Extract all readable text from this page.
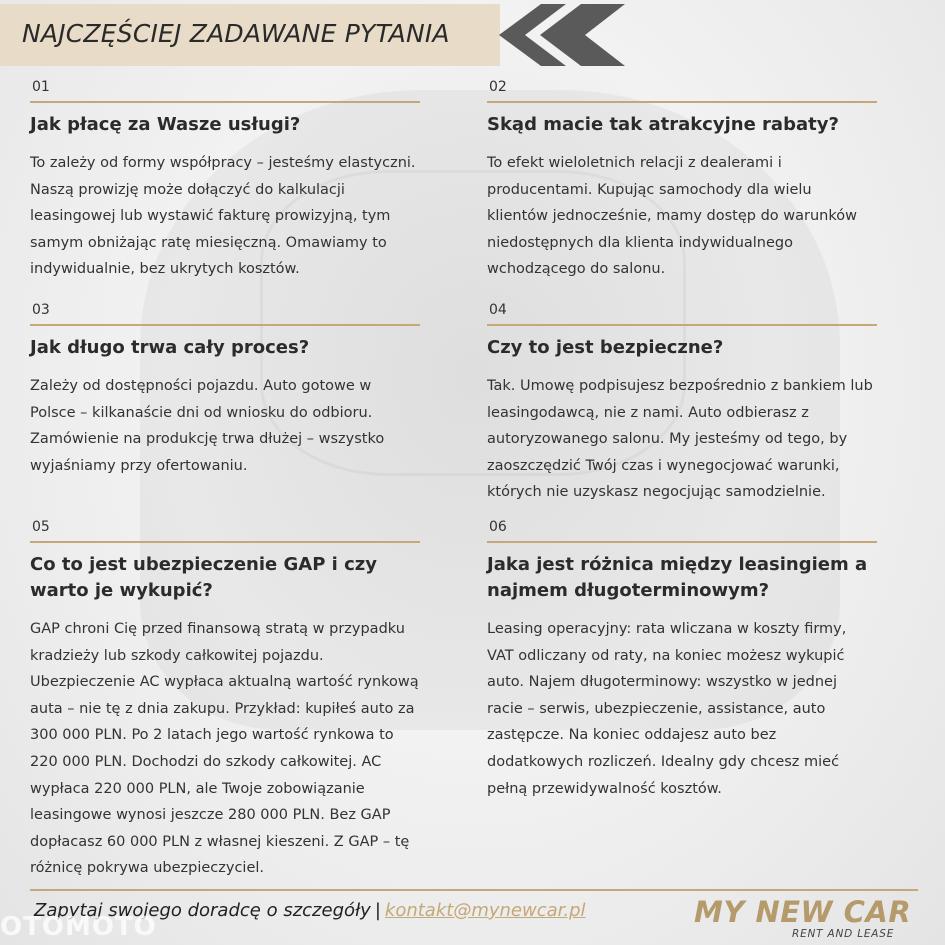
NAJCZĘŚCIEJ ZADAWANE PYTANIA
01
Jak płacę za Wasze usługi?
To zależy od formy współpracy – jesteśmy elastyczni. Naszą prowizję może dołączyć do kalkulacji leasingowej lub wystawić fakturę prowizyjną, tym samym obniżając ratę miesięczną. Omawiamy to indywidualnie, bez ukrytych kosztów.
02
Skąd macie tak atrakcyjne rabaty?
To efekt wieloletnich relacji z dealerami i producentami. Kupując samochody dla wielu klientów jednocześnie, mamy dostęp do warunków niedostępnych dla klienta indywidualnego wchodzącego do salonu.
03
Jak długo trwa cały proces?
Zależy od dostępności pojazdu. Auto gotowe w Polsce – kilkanaście dni od wniosku do odbioru. Zamówienie na produkcję trwa dłużej – wszystko wyjaśniamy przy ofertowaniu.
04
Czy to jest bezpieczne?
Tak. Umowę podpisujesz bezpośrednio z bankiem lub leasingodawcą, nie z nami. Auto odbierasz z autoryzowanego salonu. My jesteśmy od tego, by zaoszczędzić Twój czas i wynegocjować warunki, których nie uzyskasz negocjując samodzielnie.
05
Co to jest ubezpieczenie GAP i czy warto je wykupić?
GAP chroni Cię przed finansową stratą w przypadku kradzieży lub szkody całkowitej pojazdu. Ubezpieczenie AC wypłaca aktualną wartość rynkową auta – nie tę z dnia zakupu. Przykład: kupiłeś auto za 300 000 PLN. Po 2 latach jego wartość rynkowa to 220 000 PLN. Dochodzi do szkody całkowitej. AC wypłaca 220 000 PLN, ale Twoje zobowiązanie leasingowe wynosi jeszcze 280 000 PLN. Bez GAP dopłacasz 60 000 PLN z własnej kieszeni. Z GAP – tę różnicę pokrywa ubezpieczyciel.
06
Jaka jest różnica między leasingiem a najmem długoterminowym?
Leasing operacyjny: rata wliczana w koszty firmy, VAT odliczany od raty, na koniec możesz wykupić auto. Najem długoterminowy: wszystko w jednej racie – serwis, ubezpieczenie, assistance, auto zastępcze. Na koniec oddajesz auto bez dodatkowych rozliczeń. Idealny gdy chcesz mieć pełną przewidywalność kosztów.
Zapytaj swojego doradcę o szczegóły | kontakt@mynewcar.pl	MY NEW CAR
RENT AND LEASE
OTOMOTO
